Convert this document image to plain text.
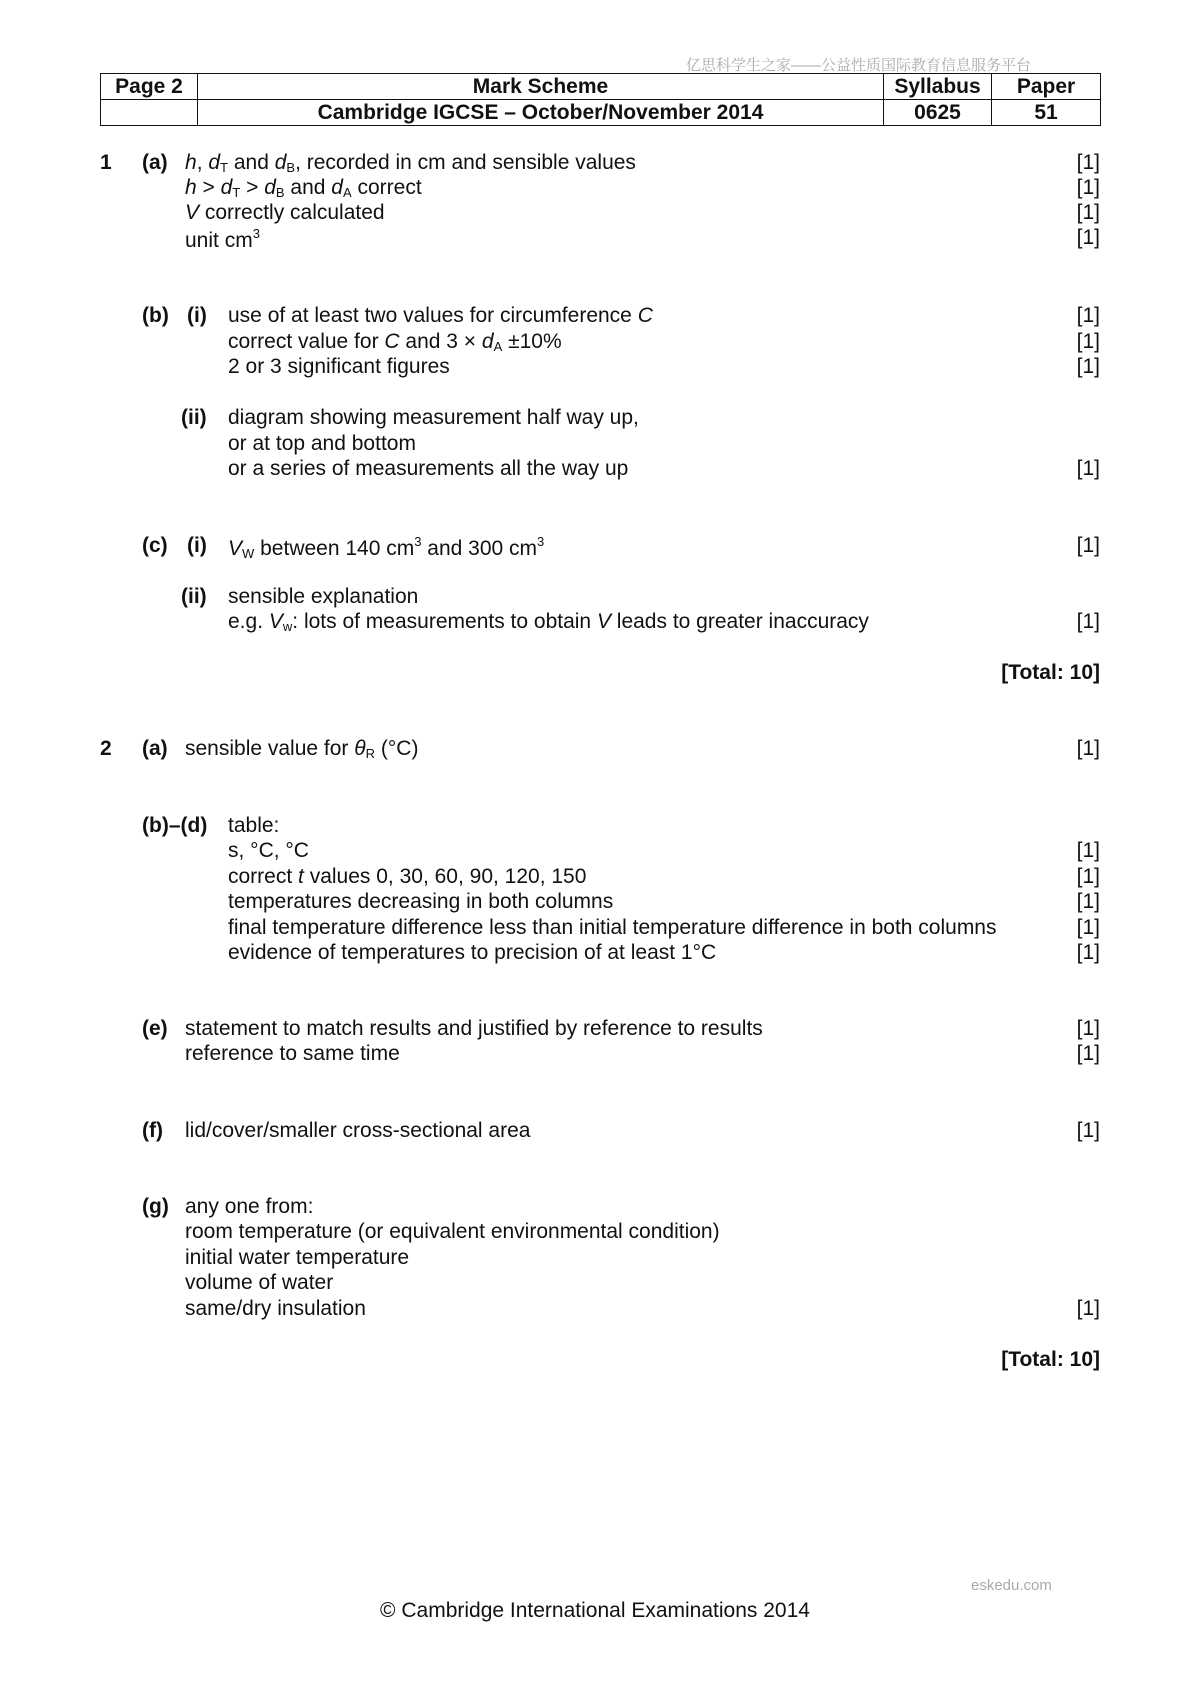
亿思科学生之家——公益性质国际教育信息服务平台
Page 2	Mark Scheme	Syllabus	Paper
	Cambridge IGCSE – October/November 2014	0625	51
1 (a) h, $d_T$ and $d_B$, recorded in cm and sensible values	[1]
$h > d_T > d_B$ and $d_A$ correct	[1]
V correctly calculated	[1]
unit $cm^3$	[1]
(b) (i) use of at least two values for circumference C	[1]
correct value for C and $3 \times d_A \pm 10\%$	[1]
2 or 3 significant figures	[1]
(ii) diagram showing measurement half way up,
or at top and bottom
or a series of measurements all the way up	[1]
(c) (i) $V_W$ between 140 $cm^3$ and 300 $cm^3$	[1]
(ii) sensible explanation
e.g. $V_w$: lots of measurements to obtain V leads to greater inaccuracy	[1]
[Total: 10]
2 (a) sensible value for $\theta_R$ (°C)	[1]
(b)–(d) table:
s, °C, °C	[1]
correct t values 0, 30, 60, 90, 120, 150	[1]
temperatures decreasing in both columns	[1]
final temperature difference less than initial temperature difference in both columns	[1]
evidence of temperatures to precision of at least 1°C	[1]
(e) statement to match results and justified by reference to results	[1]
reference to same time	[1]
(f) lid/cover/smaller cross-sectional area	[1]
(g) any one from:
room temperature (or equivalent environmental condition)
initial water temperature
volume of water
same/dry insulation	[1]
[Total: 10]
eskedu.com
© Cambridge International Examinations 2014
